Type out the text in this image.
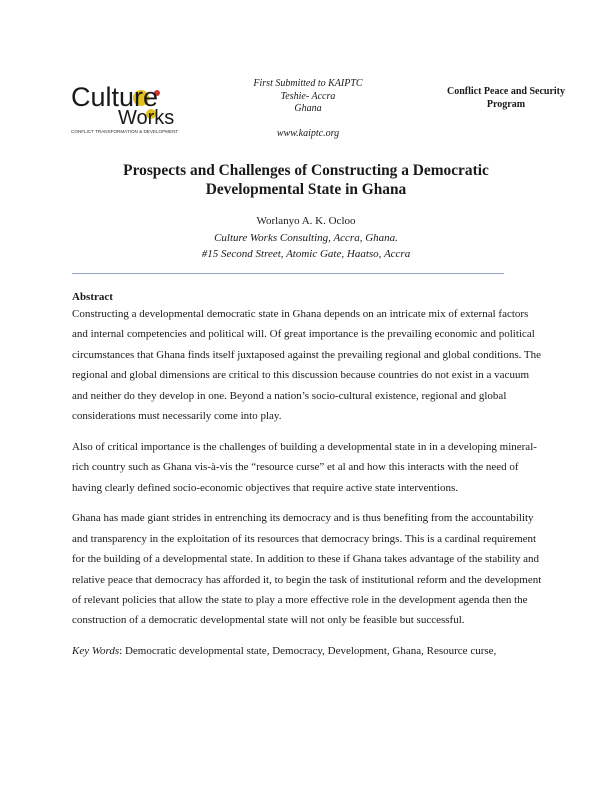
Culture
Works
CONFLICT TRANSFORMATION & DEVELOPMENT
First Submitted to KAIPTC
Teshie- Accra
Ghana
www.kaiptc.org
Conflict Peace and Security
Program
Prospects and Challenges of Constructing a Democratic
Developmental State in Ghana
Worlanyo A. K. Ocloo
Culture Works Consulting, Accra, Ghana.
#15 Second Street, Atomic Gate, Haatso, Accra

Abstract

Constructing a developmental democratic state in Ghana depends on an intricate mix of external factors and internal competencies and political will. Of great importance is the prevailing economic and political circumstances that Ghana finds itself juxtaposed against the prevailing regional and global conditions. The regional and global dimensions are critical to this discussion because countries do not exist in a vacuum and neither do they develop in one. Beyond a nation’s socio-cultural existence, regional and global considerations must necessarily come into play.

Also of critical importance is the challenges of building a developmental state in in a developing mineral-rich country such as Ghana vis-à-vis the “resource curse” et al and how this interacts with the need of having clearly defined socio-economic objectives that require active state interventions.

Ghana has made giant strides in entrenching its democracy and is thus benefiting from the accountability and transparency in the exploitation of its resources that democracy brings. This is a cardinal requirement for the building of a developmental state. In addition to these if Ghana takes advantage of the stability and relative peace that democracy has afforded it, to begin the task of institutional reform and the development of relevant policies that allow the state to play a more effective role in the development agenda then the construction of a democratic developmental state will not only be feasible but successful.

Key Words: Democratic developmental state, Democracy, Development, Ghana, Resource curse,
